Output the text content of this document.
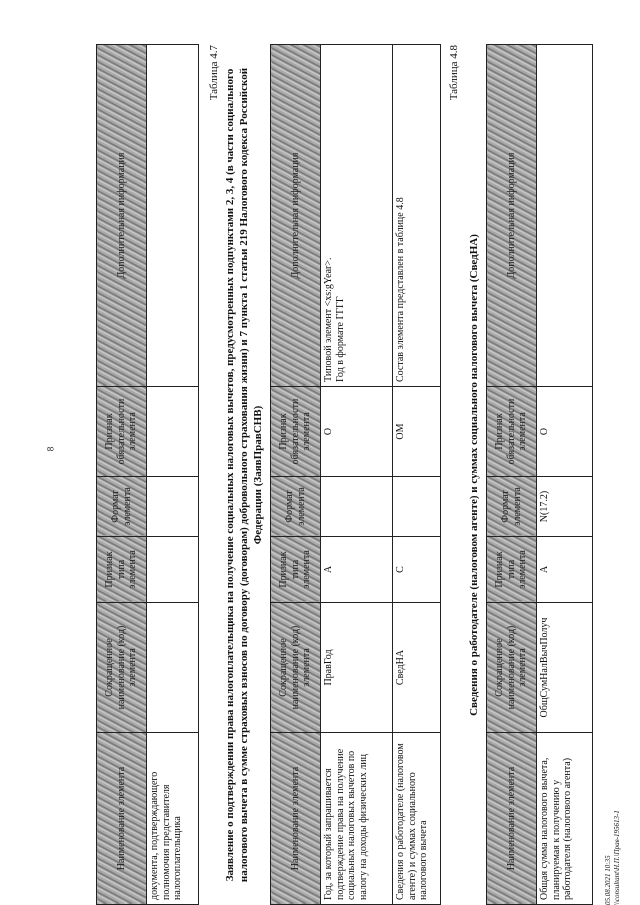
8
Наименование элемента	Сокращенное наименование (код) элемента	Признак типа элемента	Формат элемента	Признак обязательности элемента	Дополнительная информация
документа, подтверждающего полномочия представителя налогоплательщика					
Таблица 4.7 Заявление о подтверждении права налогоплательщика на получение социальных налоговых вычетов, предусмотренных подпунктами 2, 3, 4 (в части социального налогового вычета в сумме страховых взносов по договору (договорам) добровольного страхования жизни) и 7 пункта 1 статьи 219 Налогового кодекса Российской Федерации (ЗаявПравСНВ)
Наименование элемента	Сокращенное наименование (код) элемента	Признак типа элемента	Формат элемента	Признак обязательности элемента	Дополнительная информация
Год, за который запрашивается подтверждение права на получение социальных налоговых вычетов по налогу на доходы физических лиц	ПравГод	А		О	Типовой элемент <xs:gYear>.
Год в формате ГГГГ
Сведения о работодателе (налоговом агенте) и суммах социального налогового вычета	СведНА	С		ОМ	Состав элемента представлен в таблице 4.8
Таблица 4.8
Сведения о работодателе (налоговом агенте) и суммах социального налогового вычета (СведНА)
Наименование элемента	Сокращенное наименование (код) элемента	Признак типа элемента	Формат элемента	Признак обязательности элемента	Дополнительная информация
Общая сумма налогового вычета, планируемая к получению у работодателя (налогового агента)	ОбщСумНалВычПолуч	А	N(17.2)	О	
05.08.2021 10:35 \\consultant\Н.П.\Прав-195613-1
